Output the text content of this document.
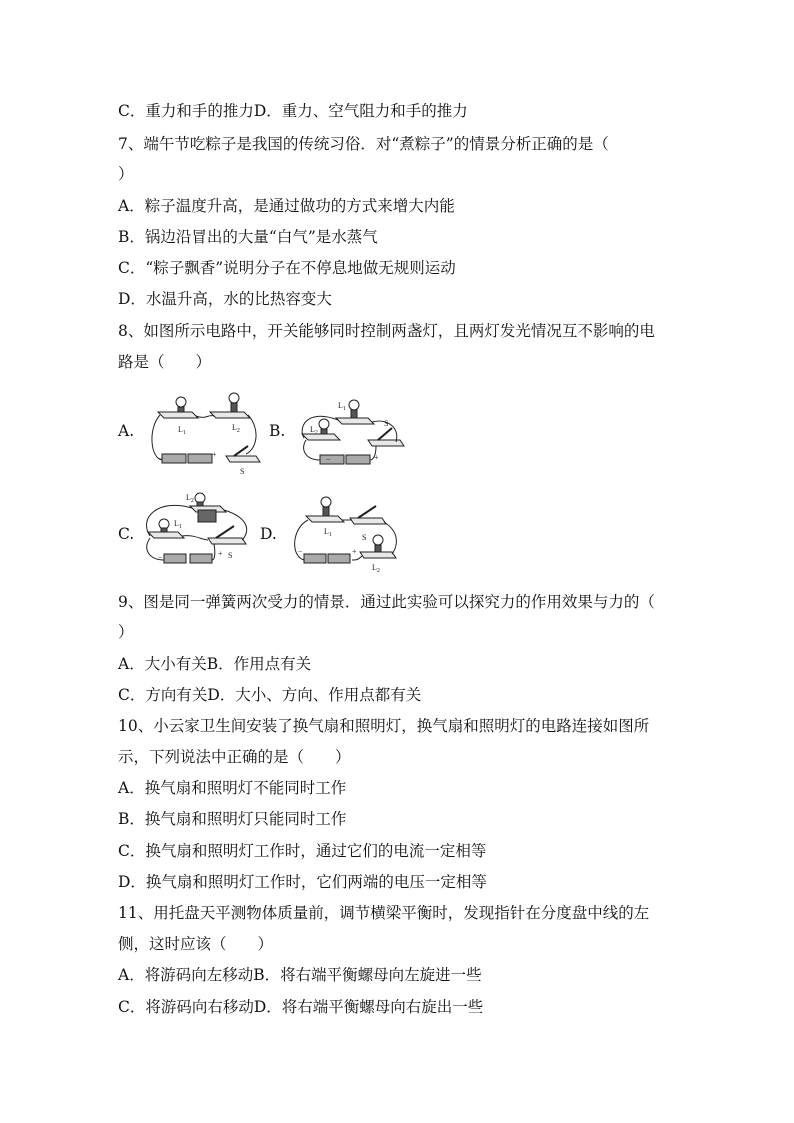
C．重力和手的推力D．重力、空气阻力和手的推力
7、端午节吃粽子是我国的传统习俗．对“煮粽子”的情景分析正确的是（
）
A．粽子温度升高，是通过做功的方式来增大内能
B．锅边沿冒出的大量“白气”是水蒸气
C．“粽子飘香”说明分子在不停息地做无规则运动
D．水温升高，水的比热容变大
8、如图所示电路中，开关能够同时控制两盏灯，且两灯发光情况互不影响的电
路是（　　）
9、图是同一弹簧两次受力的情景．通过此实验可以探究力的作用效果与力的（
）
A．大小有关B．作用点有关
C．方向有关D．大小、方向、作用点都有关
10、小云家卫生间安装了换气扇和照明灯，换气扇和照明灯的电路连接如图所
示，下列说法中正确的是（　　）
A．换气扇和照明灯不能同时工作
B．换气扇和照明灯只能同时工作
C．换气扇和照明灯工作时，通过它们的电流一定相等
D．换气扇和照明灯工作时，它们两端的电压一定相等
11、用托盘天平测物体质量前，调节横梁平衡时，发现指针在分度盘中线的左
侧，这时应该（　　）
A．将游码向左移动B．将右端平衡螺母向左旋进一些
C．将游码向右移动D．将右端平衡螺母向右旋出一些
A.	B.
C.	D.
$L_1$
$L_2$
−	+
S
$L_1$
$L_2$
S
−	+
$L_2$
$L_1$
−	+ S
$L_1$	S
−	+
$L_2$
